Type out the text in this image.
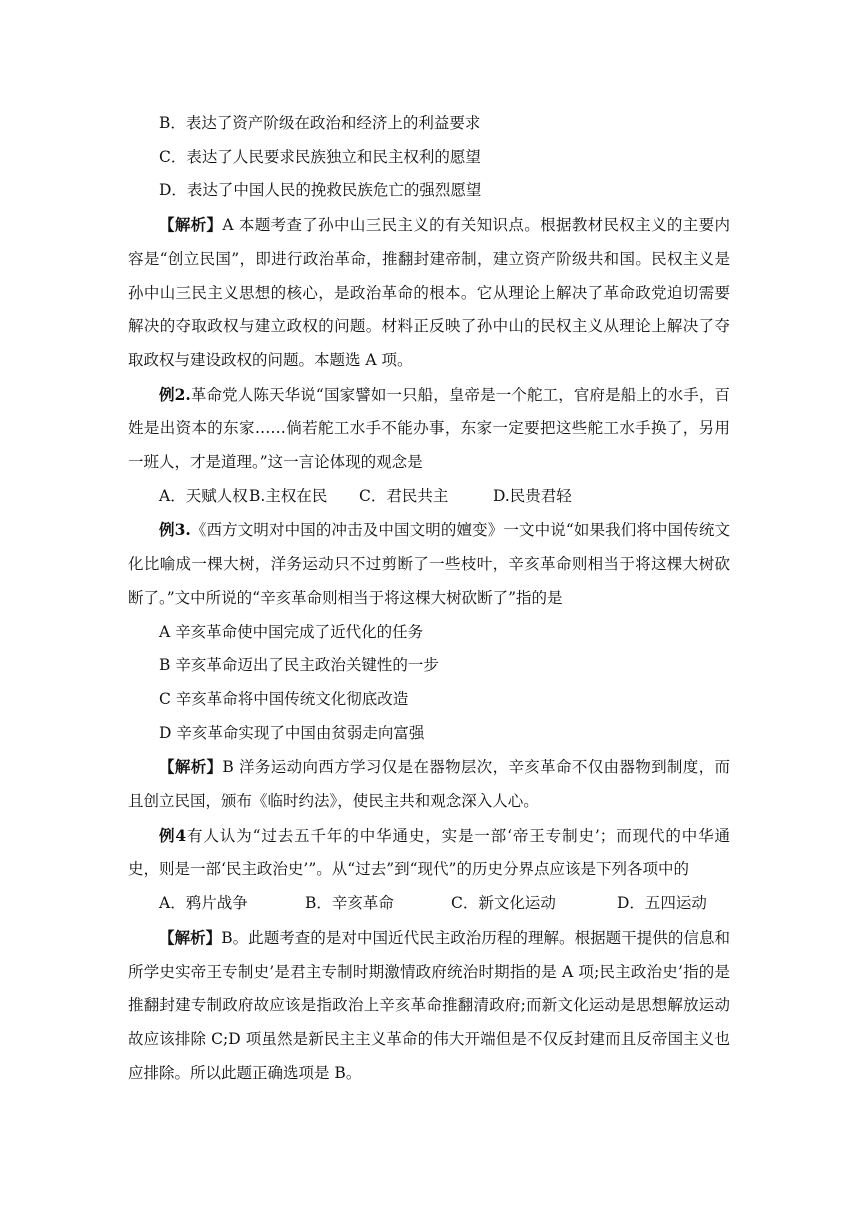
B．表达了资产阶级在政治和经济上的利益要求

C．表达了人民要求民族独立和民主权利的愿望

D．表达了中国人民的挽救民族危亡的强烈愿望

【解析】A 本题考查了孙中山三民主义的有关知识点。根据教材民权主义的主要内容是“创立民国”，即进行政治革命，推翻封建帝制，建立资产阶级共和国。民权主义是孙中山三民主义思想的核心，是政治革命的根本。它从理论上解决了革命政党迫切需要解决的夺取政权与建立政权的问题。材料正反映了孙中山的民权主义从理论上解决了夺取政权与建设政权的问题。本题选 A 项。

例2.革命党人陈天华说“国家譬如一只船，皇帝是一个舵工，官府是船上的水手，百姓是出资本的东家……倘若舵工水手不能办事，东家一定要把这些舵工水手换了，另用一班人，才是道理。”这一言论体现的观念是

A．天赋人权 B.主权在民	C．君民共主	D.民贵君轻

例3.《西方文明对中国的冲击及中国文明的嬗变》一文中说“如果我们将中国传统文化比喻成一棵大树，洋务运动只不过剪断了一些枝叶，辛亥革命则相当于将这棵大树砍断了。”文中所说的“辛亥革命则相当于将这棵大树砍断了”指的是

A 辛亥革命使中国完成了近代化的任务

B 辛亥革命迈出了民主政治关键性的一步

C 辛亥革命将中国传统文化彻底改造

D 辛亥革命实现了中国由贫弱走向富强

【解析】B 洋务运动向西方学习仅是在器物层次，辛亥革命不仅由器物到制度，而且创立民国，颁布《临时约法》，使民主共和观念深入人心。

例4有人认为“过去五千年的中华通史，实是一部‘帝王专制史’；而现代的中华通史，则是一部‘民主政治史’”。从“过去”到“现代”的历史分界点应该是下列各项中的

A．鸦片战争	B．辛亥革命	C．新文化运动	D．五四运动

【解析】B。此题考查的是对中国近代民主政治历程的理解。根据题干提供的信息和所学史实帝王专制史’是君主专制时期激情政府统治时期指的是 A 项;民主政治史’指的是推翻封建专制政府故应该是指政治上辛亥革命推翻清政府;而新文化运动是思想解放运动故应该排除 C;D 项虽然是新民主主义革命的伟大开端但是不仅反封建而且反帝国主义也应排除。所以此题正确选项是 B。
